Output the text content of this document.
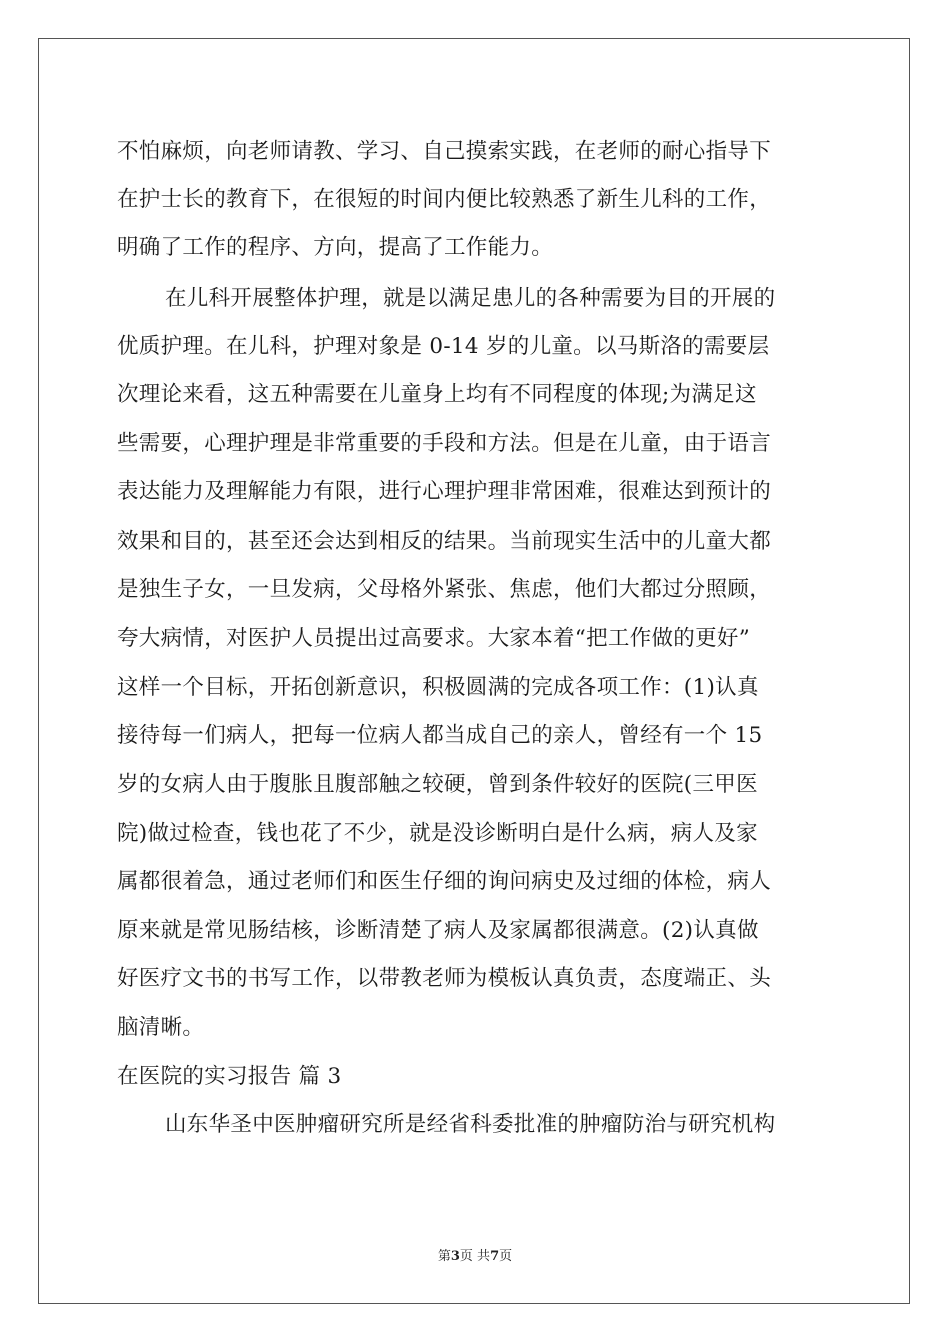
不怕麻烦，向老师请教、学习、自己摸索实践，在老师的耐心指导下
在护士长的教育下，在很短的时间内便比较熟悉了新生儿科的工作，
明确了工作的程序、方向，提高了工作能力。
在儿科开展整体护理，就是以满足患儿的各种需要为目的开展的
优质护理。在儿科，护理对象是 0-14 岁的儿童。以马斯洛的需要层
次理论来看，这五种需要在儿童身上均有不同程度的体现;为满足这
些需要，心理护理是非常重要的手段和方法。但是在儿童，由于语言
表达能力及理解能力有限，进行心理护理非常困难，很难达到预计的
效果和目的，甚至还会达到相反的结果。当前现实生活中的儿童大都
是独生子女，一旦发病，父母格外紧张、焦虑，他们大都过分照顾，
夸大病情，对医护人员提出过高要求。大家本着“把工作做的更好”
这样一个目标，开拓创新意识，积极圆满的完成各项工作：(1)认真
接待每一们病人，把每一位病人都当成自己的亲人，曾经有一个 15
岁的女病人由于腹胀且腹部触之较硬，曾到条件较好的医院(三甲医
院)做过检查，钱也花了不少，就是没诊断明白是什么病，病人及家
属都很着急，通过老师们和医生仔细的询问病史及过细的体检，病人
原来就是常见肠结核，诊断清楚了病人及家属都很满意。(2)认真做
好医疗文书的书写工作，以带教老师为模板认真负责，态度端正、头
脑清晰。
在医院的实习报告 篇 3
山东华圣中医肿瘤研究所是经省科委批准的肿瘤防治与研究机构
第3页 共7页
